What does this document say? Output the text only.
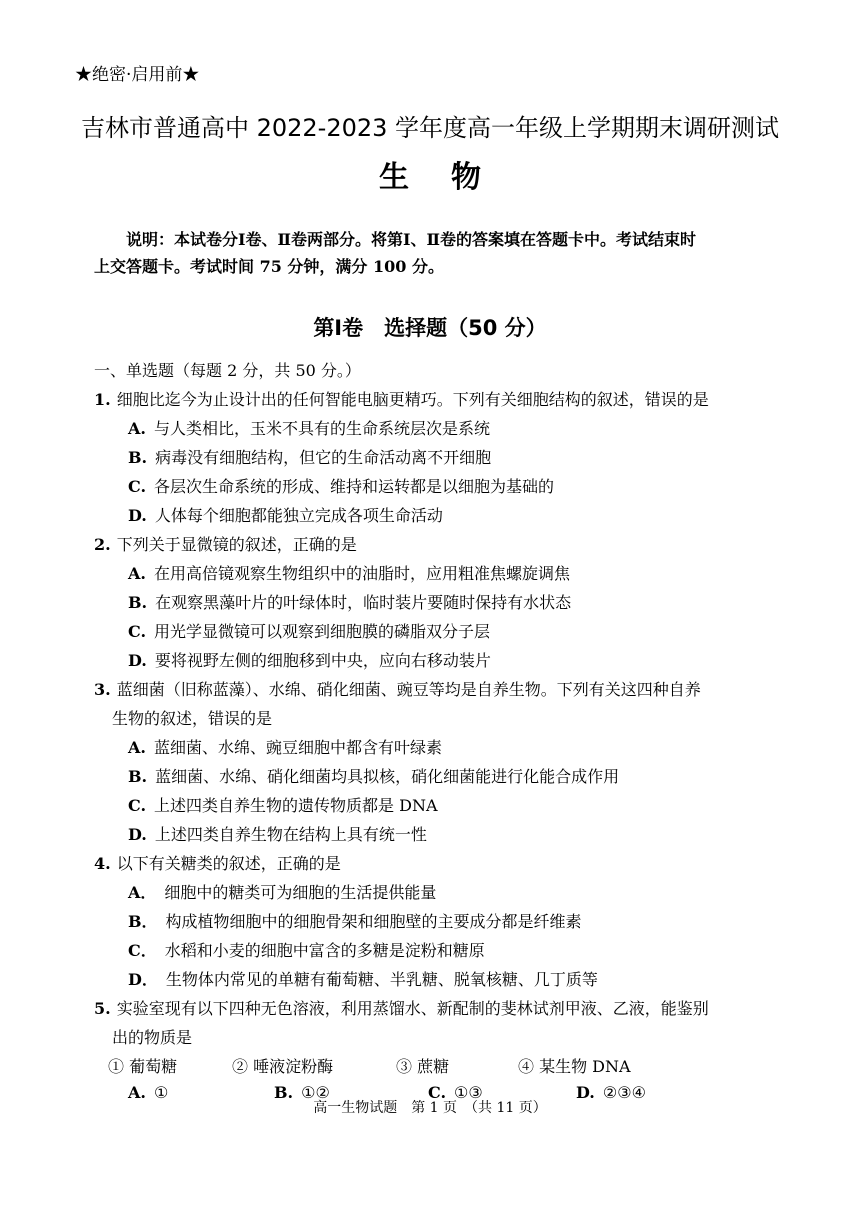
★绝密·启用前★
吉林市普通高中 2022-2023 学年度高一年级上学期期末调研测试
生物
说明：本试卷分Ⅰ卷、Ⅱ卷两部分。将第Ⅰ、Ⅱ卷的答案填在答题卡中。考试结束时
上交答题卡。考试时间 75 分钟，满分 100 分。
第Ⅰ卷　选择题（50 分）
一、单选题（每题 2 分，共 50 分。）
1. 细胞比迄今为止设计出的任何智能电脑更精巧。下列有关细胞结构的叙述，错误的是
A. 与人类相比，玉米不具有的生命系统层次是系统
B. 病毒没有细胞结构，但它的生命活动离不开细胞
C. 各层次生命系统的形成、维持和运转都是以细胞为基础的
D. 人体每个细胞都能独立完成各项生命活动
2. 下列关于显微镜的叙述，正确的是
A. 在用高倍镜观察生物组织中的油脂时，应用粗准焦螺旋调焦
B. 在观察黑藻叶片的叶绿体时，临时装片要随时保持有水状态
C. 用光学显微镜可以观察到细胞膜的磷脂双分子层
D. 要将视野左侧的细胞移到中央，应向右移动装片
3. 蓝细菌（旧称蓝藻）、水绵、硝化细菌、豌豆等均是自养生物。下列有关这四种自养
生物的叙述，错误的是
A. 蓝细菌、水绵、豌豆细胞中都含有叶绿素
B. 蓝细菌、水绵、硝化细菌均具拟核，硝化细菌能进行化能合成作用
C. 上述四类自养生物的遗传物质都是 DNA
D. 上述四类自养生物在结构上具有统一性
4. 以下有关糖类的叙述，正确的是
A． 细胞中的糖类可为细胞的生活提供能量
B． 构成植物细胞中的细胞骨架和细胞壁的主要成分都是纤维素
C． 水稻和小麦的细胞中富含的多糖是淀粉和糖原
D． 生物体内常见的单糖有葡萄糖、半乳糖、脱氧核糖、几丁质等
5. 实验室现有以下四种无色溶液，利用蒸馏水、新配制的斐林试剂甲液、乙液，能鉴别
出的物质是
① 葡萄糖	② 唾液淀粉酶	③ 蔗糖	④ 某生物 DNA
A. ①	B. ①②	C. ①③	D. ②③④
高一生物试题　第 1 页　（共 11 页）
